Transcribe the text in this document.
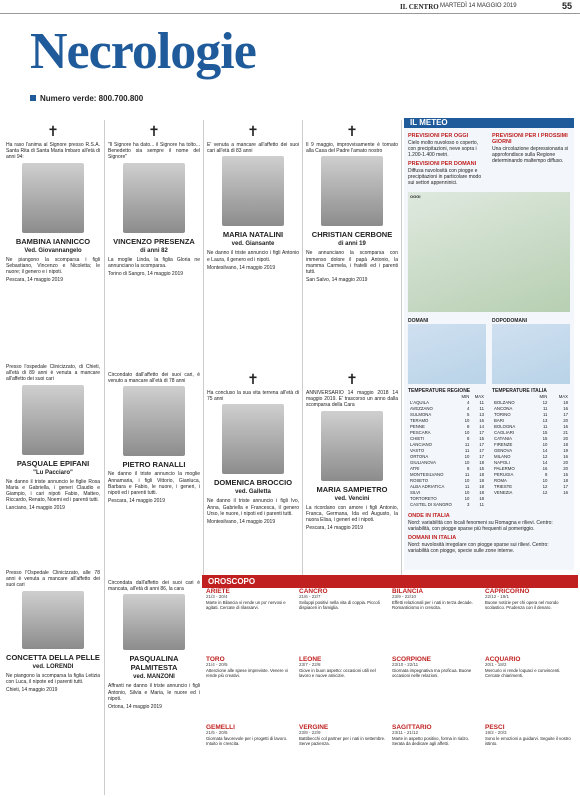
IL CENTRO MARTEDÌ 14 MAGGIO 2019	55
Necrologie
Numero verde: 800.700.800
✝

Ha raso l'anima al Signore presso R.S.A. Santa Rita di Santa Maria Imbaro all'età di anni 94:

BAMBINA IANNICCO
Ved. Giovannangelo

Ne piangono la scomparsa i figli Sebastiano, Vincenzo e Nicoletta; le nuore; il genero e i nipoti.

Pescara, 14 maggio 2019

Presso l'ospedale Clinicizzato, di Chieti, all'età di 89 anni è venuta a mancare all'affetto dei suoi cari

PASQUALE EPIFANI
"Lu Pacciaro"

Ne danno il triste annuncio le figlie Rosa Maria e Gabriella, i generi Claudio e Giampio, i cari nipoti Fabio, Matteo, Riccardo, Renato, Noemi ed i parenti tutti.

Lanciano, 14 maggio 2019

Presso l'Ospedale Clinicizzato, alle 78 anni è venuta a mancare all'affetto dei suoi cari

CONCETTA DELLA PELLE
ved. LORENDI

Ne piangono la scomparsa la figlia Letizia con Luca, il nipote ed i parenti tutti.

Chieti, 14 maggio 2019

✝

"Il Signore ha dato... il Signore ha tolto... Benedetto sia sempre il nome del Signore"

VINCENZO PRESENZA
di anni 82

La moglie Linda, la figlia Gloria ne annunciano la scomparsa.

Torino di Sangro, 14 maggio 2019

Circondato dall'affetto dei suoi cari, è venuto a mancare all'età di 78 anni

PIETRO RANALLI

Ne danno il triste annuncio la moglie Annamaria, i figli Vittorio, Gianluca, Barbara e Fabio, le nuore, i generi, i nipoti ed i parenti tutti.

Pescara, 14 maggio 2019

Circondata dall'affetto dei suoi cari è mancata, all'età di anni 86, la cara

PASQUALINA PALMITESTA
ved. MANZONI

Affranti ne danno il triste annuncio i figli Antonio, Silvia e Maria, le nuore ed i nipoti.

Ortona, 14 maggio 2019

✝

E' venuta a mancare all'affetto dei suoi cari all'età di 83 anni

MARIA NATALINI
ved. Giansante

Ne danno il triste annuncio i figli Antonio e Laura, il genero ed i nipoti.

Montesilvano, 14 maggio 2019

✝

Ha concluso la sua vita terrena all'età di 75 anni

DOMENICA BROCCIO
ved. Galletta

Ne danno il triste annuncio i figli Ivo, Anna, Gabriella e Francesca, il genero Urso, le nuore, i nipoti ed i parenti tutti.

Montesilvano, 14 maggio 2019

✝

Il 9 maggio, improvvisamente è tornato alla Casa del Padre l'amato nostro

CHRISTIAN CERBONE
di anni 19

Ne annunciano la scomparsa con immenso dolore il papà Antonio, la mamma Carmela, i fratelli ed i parenti tutti.

San Salvo, 14 maggio 2019

✝

ANNIVERSARIO 14 maggio 2018 14 maggio 2019. E' trascorso un anno dalla scomparsa della Cara

MARIA SAMPIETRO
ved. Vencini

La ricordano con amore i figli Antonio, Franca, Germana, Ida ed Augusto, la nuora Elisa, i generi ed i nipoti.

Pescara, 14 maggio 2019

IL METEO
PREVISIONI PER OGGI

Cielo molto nuvoloso o coperto, con precipitazioni, neve sopra i 1.200-1.400 metri.

PREVISIONI PER DOMANI

Diffusa nuvolosità con piogge e precipitazioni in particolare modo sui settori appenninici.

PREVISIONI PER I PROSSIMI GIORNI

Una circolazione depressionaria si approfondisce sulla Regione determinando maltempo diffuso.

OGGI
DOMANI	DOPODOMANI
TEMPERATURE REGIONE
	MIN	MAX
L'AQUILA	4	11
AVEZZANO	4	11
SULMONA	5	13
TERAMO	10	16
PENNE	8	14
PESCARA	10	17
CHIETI	8	15
LANCIANO	11	17
VASTO	11	17
ORTONA	10	17
GIULIANOVA	10	18
ATRI	8	15
MONTESILVANO	11	18
ROSETO	10	18
ALBA ADRIATICA	11	18
SILVI	10	18
TORTORETO	10	18
CASTEL DI SANGRO	3	11
TEMPERATURE ITALIA
	MIN	MAX
BOLZANO	12	18
ANCONA	11	16
TORINO	11	17
BARI	13	20
BOLOGNA	11	16
CAGLIARI	15	21
CATANIA	15	20
FIRENZE	10	18
GENOVA	14	19
MILANO	12	16
NAPOLI	14	20
PALERMO	16	20
PERUGIA	8	15
ROMA	10	18
TRIESTE	12	17
VENEZIA	12	16
ONDE IN ITALIA

Nord: variabilità con locali fenomeni su Romagna e rilievi. Centro: variabilità, con piogge sparse più frequenti al pomeriggio.

DOMANI IN ITALIA

Nord: nuvolosità irregolare con piogge sparse sui rilievi. Centro: variabilità con piogge, specie sulle zone interne.

OROSCOPO
ARIETE
21/3 - 20/4
Marte in Bilancia vi rende un po' nervosi e agitati. Cercate di rilassarvi.
CANCRO
21/6 - 22/7
Sviluppi positivi nella vita di coppia. Piccoli dispiaceri in famiglia.
BILANCIA
23/9 - 22/10
Effetti relazionali per i nati in terza decade. Romanticismo in crescita.
CAPRICORNO
22/12 - 19/1
Buone notizie per chi opera nel mondo scolastico. Prudenza con il denaro.
TORO
21/4 - 20/5
Attenzione alle spese impreviste. Venere vi rende più creativi.
LEONE
23/7 - 22/8
Giove in buon aspetto: occasioni utili nel lavoro e nuove amicizie.
SCORPIONE
23/10 - 22/11
Giornata impegnativa ma proficua. Buone occasioni nelle relazioni.
ACQUARIO
20/1 - 18/2
Mercurio vi rende loquaci e convincenti. Cercate chiarimenti.
GEMELLI
21/5 - 20/6
Giornata favorevole per i progetti di lavoro. Intuito in crescita.
VERGINE
23/8 - 22/9
Battibecchi col partner per i nati in settembre. Serve pazienza.
SAGITTARIO
23/11 - 21/12
Marte in aspetto positivo, forma in rialzo. Serata da dedicare agli affetti.
PESCI
19/2 - 20/3
Sono le emozioni a guidarvi. Seguite il vostro istinto.
